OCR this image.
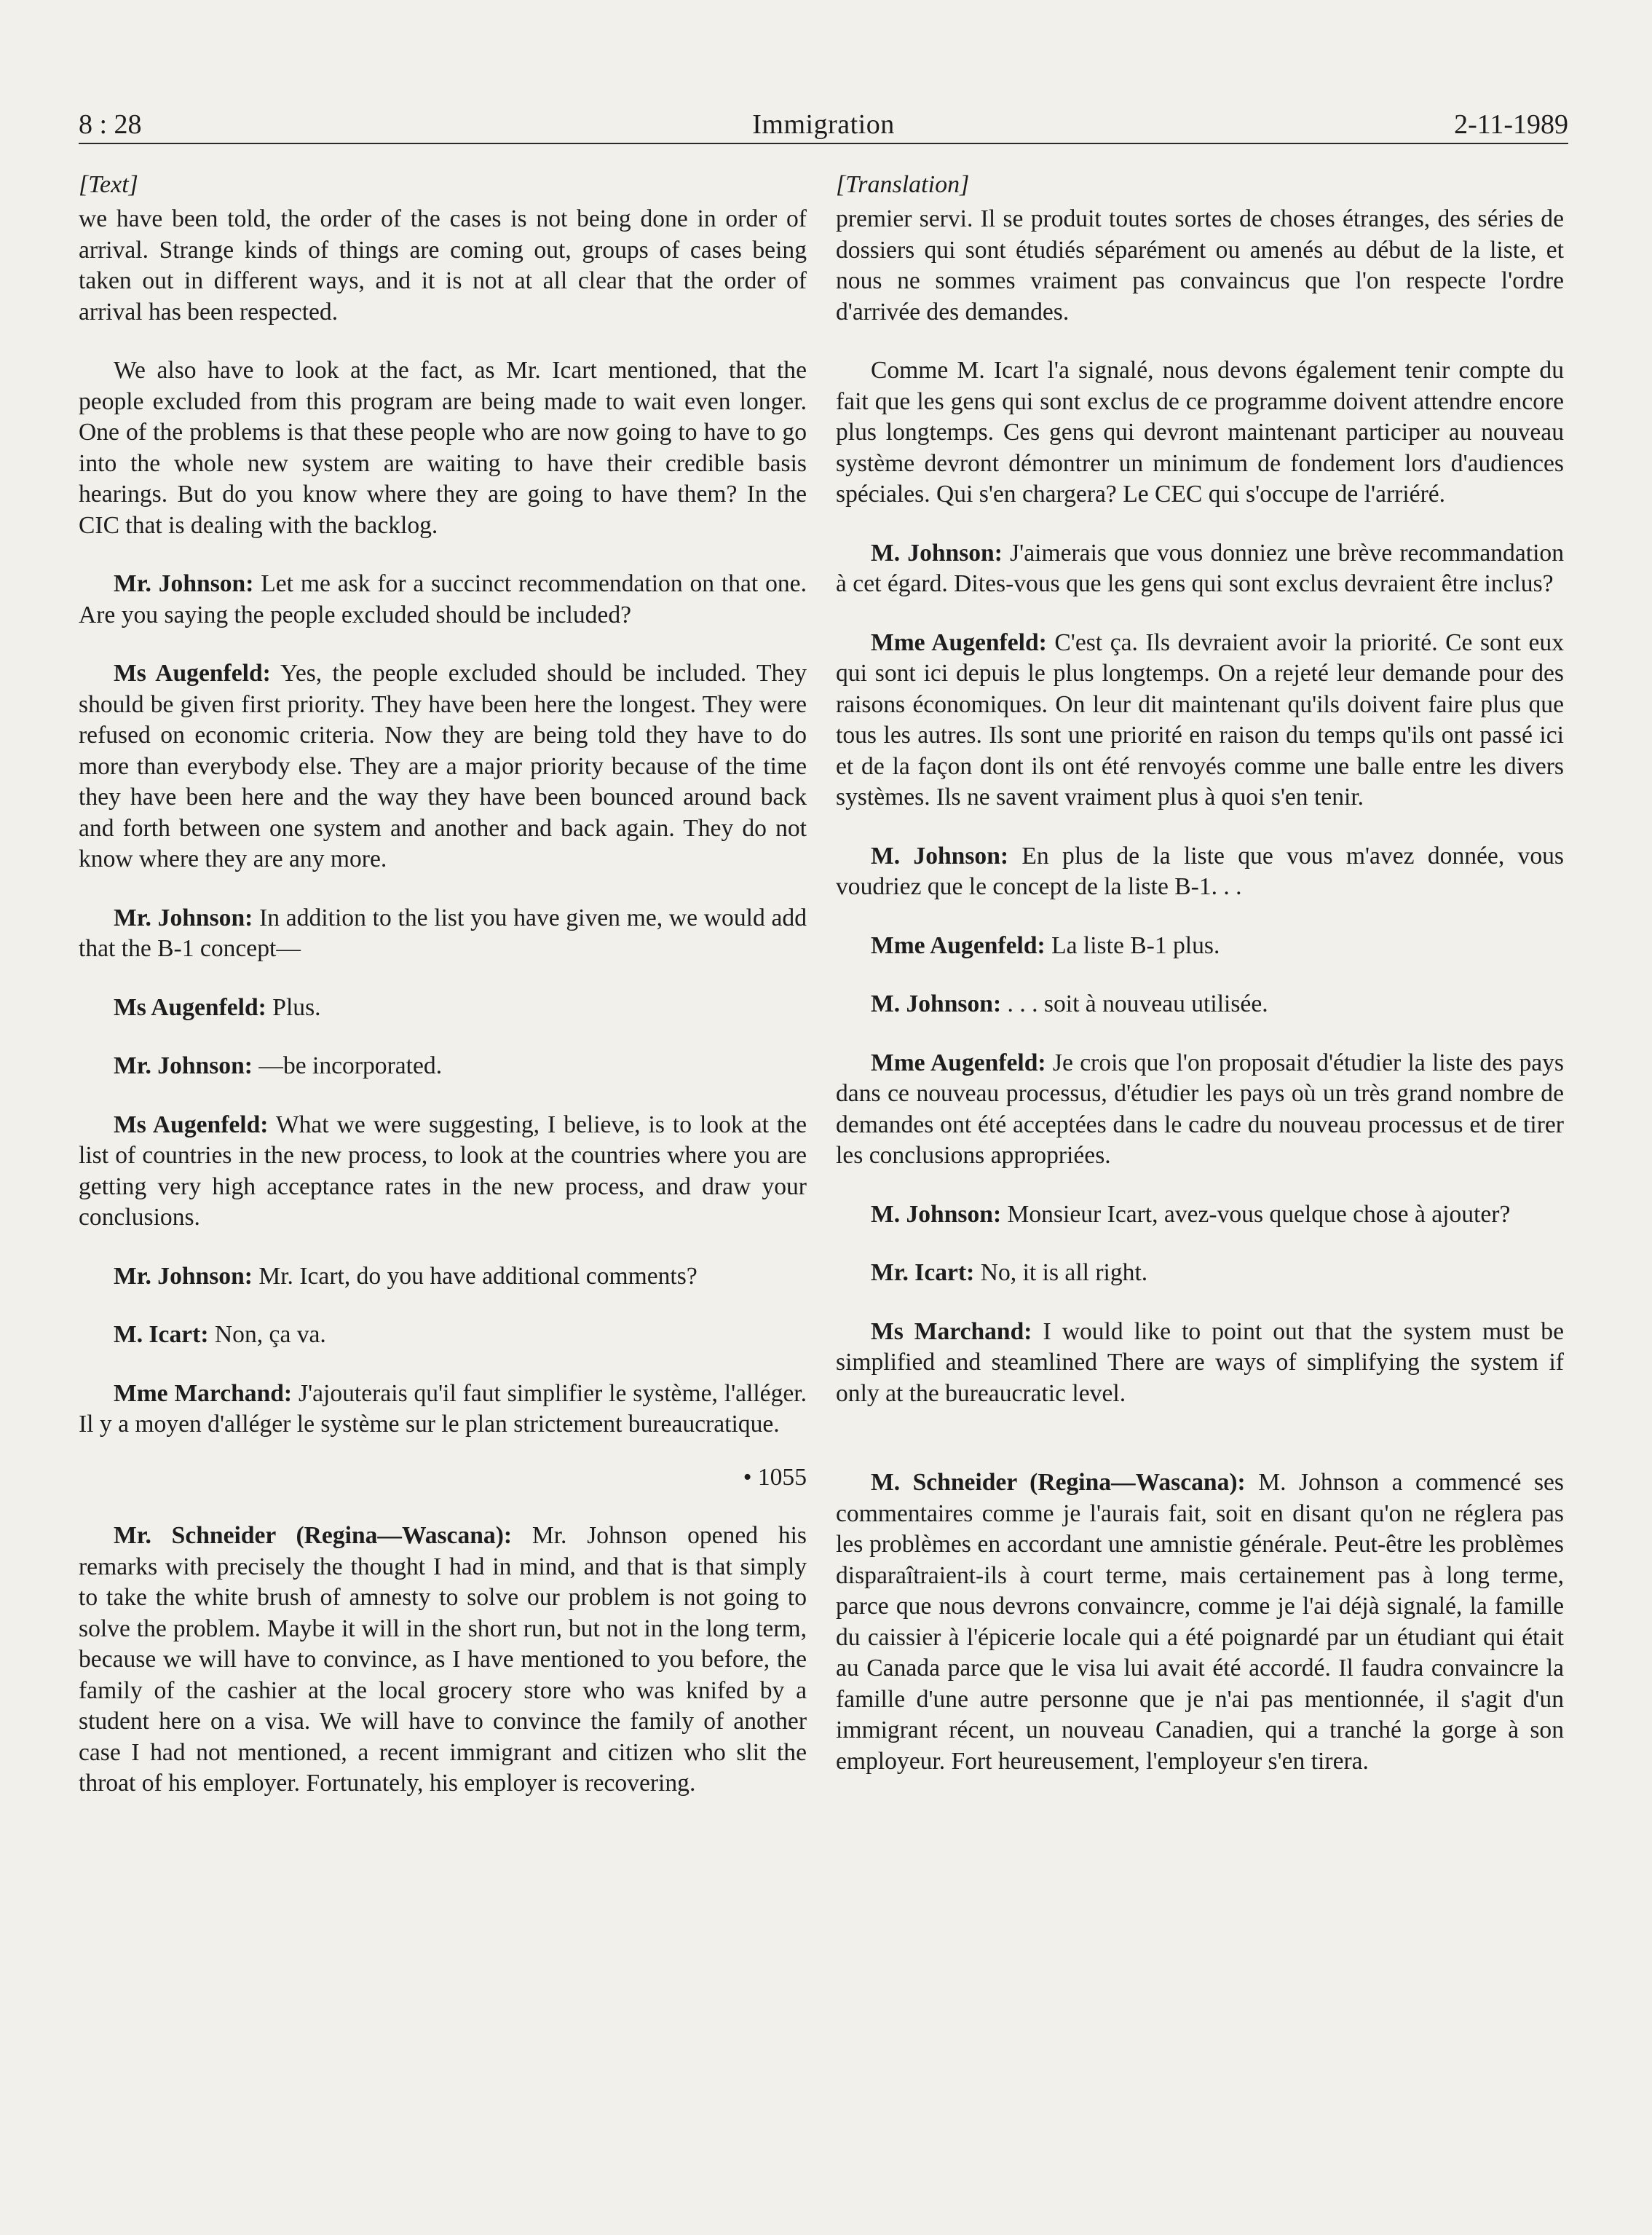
8 : 28	Immigration	2-11-1989
[Text]

we have been told, the order of the cases is not being done in order of arrival. Strange kinds of things are coming out, groups of cases being taken out in different ways, and it is not at all clear that the order of arrival has been respected.

We also have to look at the fact, as Mr. Icart mentioned, that the people excluded from this program are being made to wait even longer. One of the problems is that these people who are now going to have to go into the whole new system are waiting to have their credible basis hearings. But do you know where they are going to have them? In the CIC that is dealing with the backlog.

Mr. Johnson: Let me ask for a succinct recommendation on that one. Are you saying the people excluded should be included?

Ms Augenfeld: Yes, the people excluded should be included. They should be given first priority. They have been here the longest. They were refused on economic criteria. Now they are being told they have to do more than everybody else. They are a major priority because of the time they have been here and the way they have been bounced around back and forth between one system and another and back again. They do not know where they are any more.

Mr. Johnson: In addition to the list you have given me, we would add that the B-1 concept—

Ms Augenfeld: Plus.

Mr. Johnson: —be incorporated.

Ms Augenfeld: What we were suggesting, I believe, is to look at the list of countries in the new process, to look at the countries where you are getting very high acceptance rates in the new process, and draw your conclusions.

Mr. Johnson: Mr. Icart, do you have additional comments?

M. Icart: Non, ça va.

Mme Marchand: J'ajouterais qu'il faut simplifier le système, l'alléger. Il y a moyen d'alléger le système sur le plan strictement bureaucratique.

• 1055

Mr. Schneider (Regina—Wascana): Mr. Johnson opened his remarks with precisely the thought I had in mind, and that is that simply to take the white brush of amnesty to solve our problem is not going to solve the problem. Maybe it will in the short run, but not in the long term, because we will have to convince, as I have mentioned to you before, the family of the cashier at the local grocery store who was knifed by a student here on a visa. We will have to convince the family of another case I had not mentioned, a recent immigrant and citizen who slit the throat of his employer. Fortunately, his employer is recovering.

[Translation]

premier servi. Il se produit toutes sortes de choses étranges, des séries de dossiers qui sont étudiés séparément ou amenés au début de la liste, et nous ne sommes vraiment pas convaincus que l'on respecte l'ordre d'arrivée des demandes.

Comme M. Icart l'a signalé, nous devons également tenir compte du fait que les gens qui sont exclus de ce programme doivent attendre encore plus longtemps. Ces gens qui devront maintenant participer au nouveau système devront démontrer un minimum de fondement lors d'audiences spéciales. Qui s'en chargera? Le CEC qui s'occupe de l'arriéré.

M. Johnson: J'aimerais que vous donniez une brève recommandation à cet égard. Dites-vous que les gens qui sont exclus devraient être inclus?

Mme Augenfeld: C'est ça. Ils devraient avoir la priorité. Ce sont eux qui sont ici depuis le plus longtemps. On a rejeté leur demande pour des raisons économiques. On leur dit maintenant qu'ils doivent faire plus que tous les autres. Ils sont une priorité en raison du temps qu'ils ont passé ici et de la façon dont ils ont été renvoyés comme une balle entre les divers systèmes. Ils ne savent vraiment plus à quoi s'en tenir.

M. Johnson: En plus de la liste que vous m'avez donnée, vous voudriez que le concept de la liste B-1. . .

Mme Augenfeld: La liste B-1 plus.

M. Johnson: . . . soit à nouveau utilisée.

Mme Augenfeld: Je crois que l'on proposait d'étudier la liste des pays dans ce nouveau processus, d'étudier les pays où un très grand nombre de demandes ont été acceptées dans le cadre du nouveau processus et de tirer les conclusions appropriées.

M. Johnson: Monsieur Icart, avez-vous quelque chose à ajouter?

Mr. Icart: No, it is all right.

Ms Marchand: I would like to point out that the system must be simplified and steamlined There are ways of simplifying the system if only at the bureaucratic level.

M. Schneider (Regina—Wascana): M. Johnson a commencé ses commentaires comme je l'aurais fait, soit en disant qu'on ne réglera pas les problèmes en accordant une amnistie générale. Peut-être les problèmes disparaîtraient-ils à court terme, mais certainement pas à long terme, parce que nous devrons convaincre, comme je l'ai déjà signalé, la famille du caissier à l'épicerie locale qui a été poignardé par un étudiant qui était au Canada parce que le visa lui avait été accordé. Il faudra convaincre la famille d'une autre personne que je n'ai pas mentionnée, il s'agit d'un immigrant récent, un nouveau Canadien, qui a tranché la gorge à son employeur. Fort heureusement, l'employeur s'en tirera.
